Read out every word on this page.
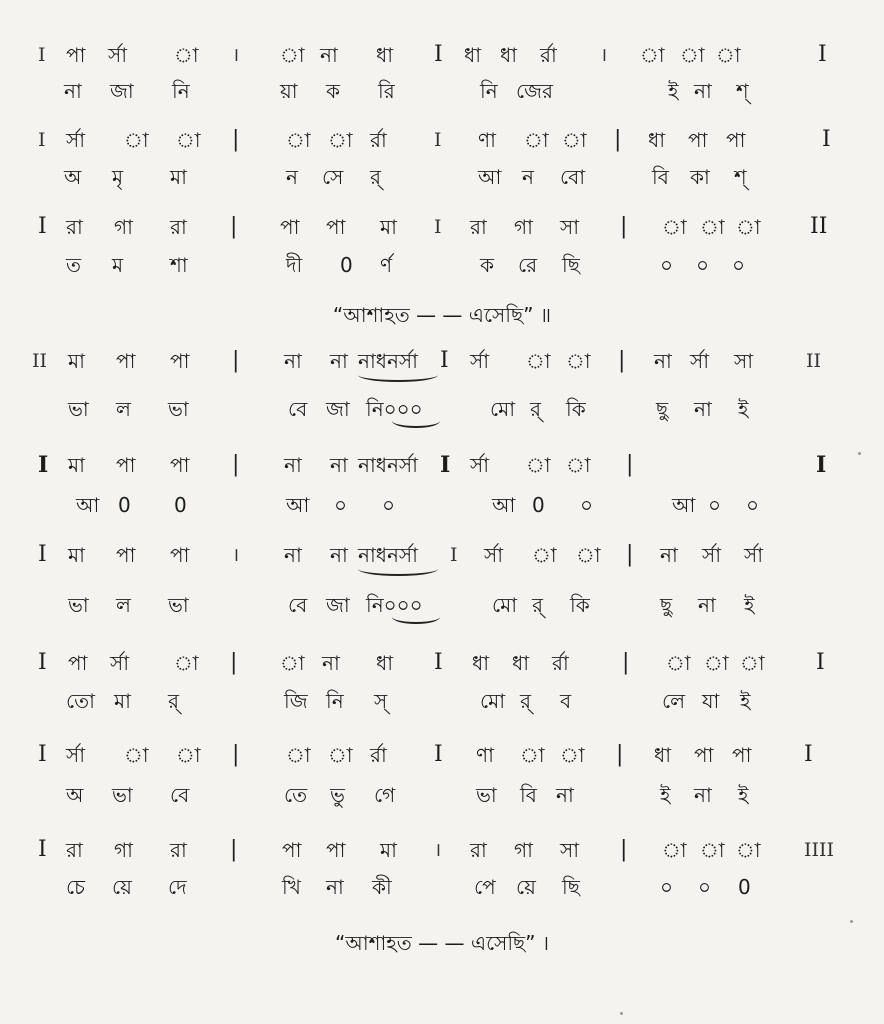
I পা র্সা া । া না ধা I ধা ধা র্রা । া া া	I
না জা নি	য়া ক রি	নি জের	ই না শ্
I র্সা া া | া া র্রা I ণা া া | ধা পা পা	I
অ মৃ মা	ন সে র্	আ ন বো	বি কা শ্
I রা গা রা | পা পা মা I রা গা সা | া া া II
ত ম শা	দী 0 র্ণ	ক রে ছি	০ ০ ০
“আশাহত — — এসেছি” ॥
II মা পা পা | না না নাধনর্সা I র্সা া া | না র্সা সা	II
ভা ল ভা	বে জা নি০০০	মো র্ কি	ছু না ই
I মা পা পা | না না নাধনর্সা I র্সা া া |	I
আ 0 0	আ ০ ০	আ 0 ০	আ ০ ০
I মা পা পা । না না নাধনর্সা I র্সা া া | না র্সা র্সা
ভা ল ভা	বে জা নি০০০	মো র্ কি	ছু না ই
I পা র্সা া | া না ধা I ধা ধা র্রা | া া া I
তো মা র্	জি নি স্	মো র্ ব	লে যা ই
I র্সা া া | া া র্রা I ণা া া | ধা পা পা I
অ ভা বে	তে ভু গে	ভা বি না	ই না ই
I রা গা রা | পা পা মা । রা গা সা | া া া IIII
চে য়ে দে	খি না কী	পে য়ে ছি	০ ০ 0
“আশাহত — — এসেছি” ।
